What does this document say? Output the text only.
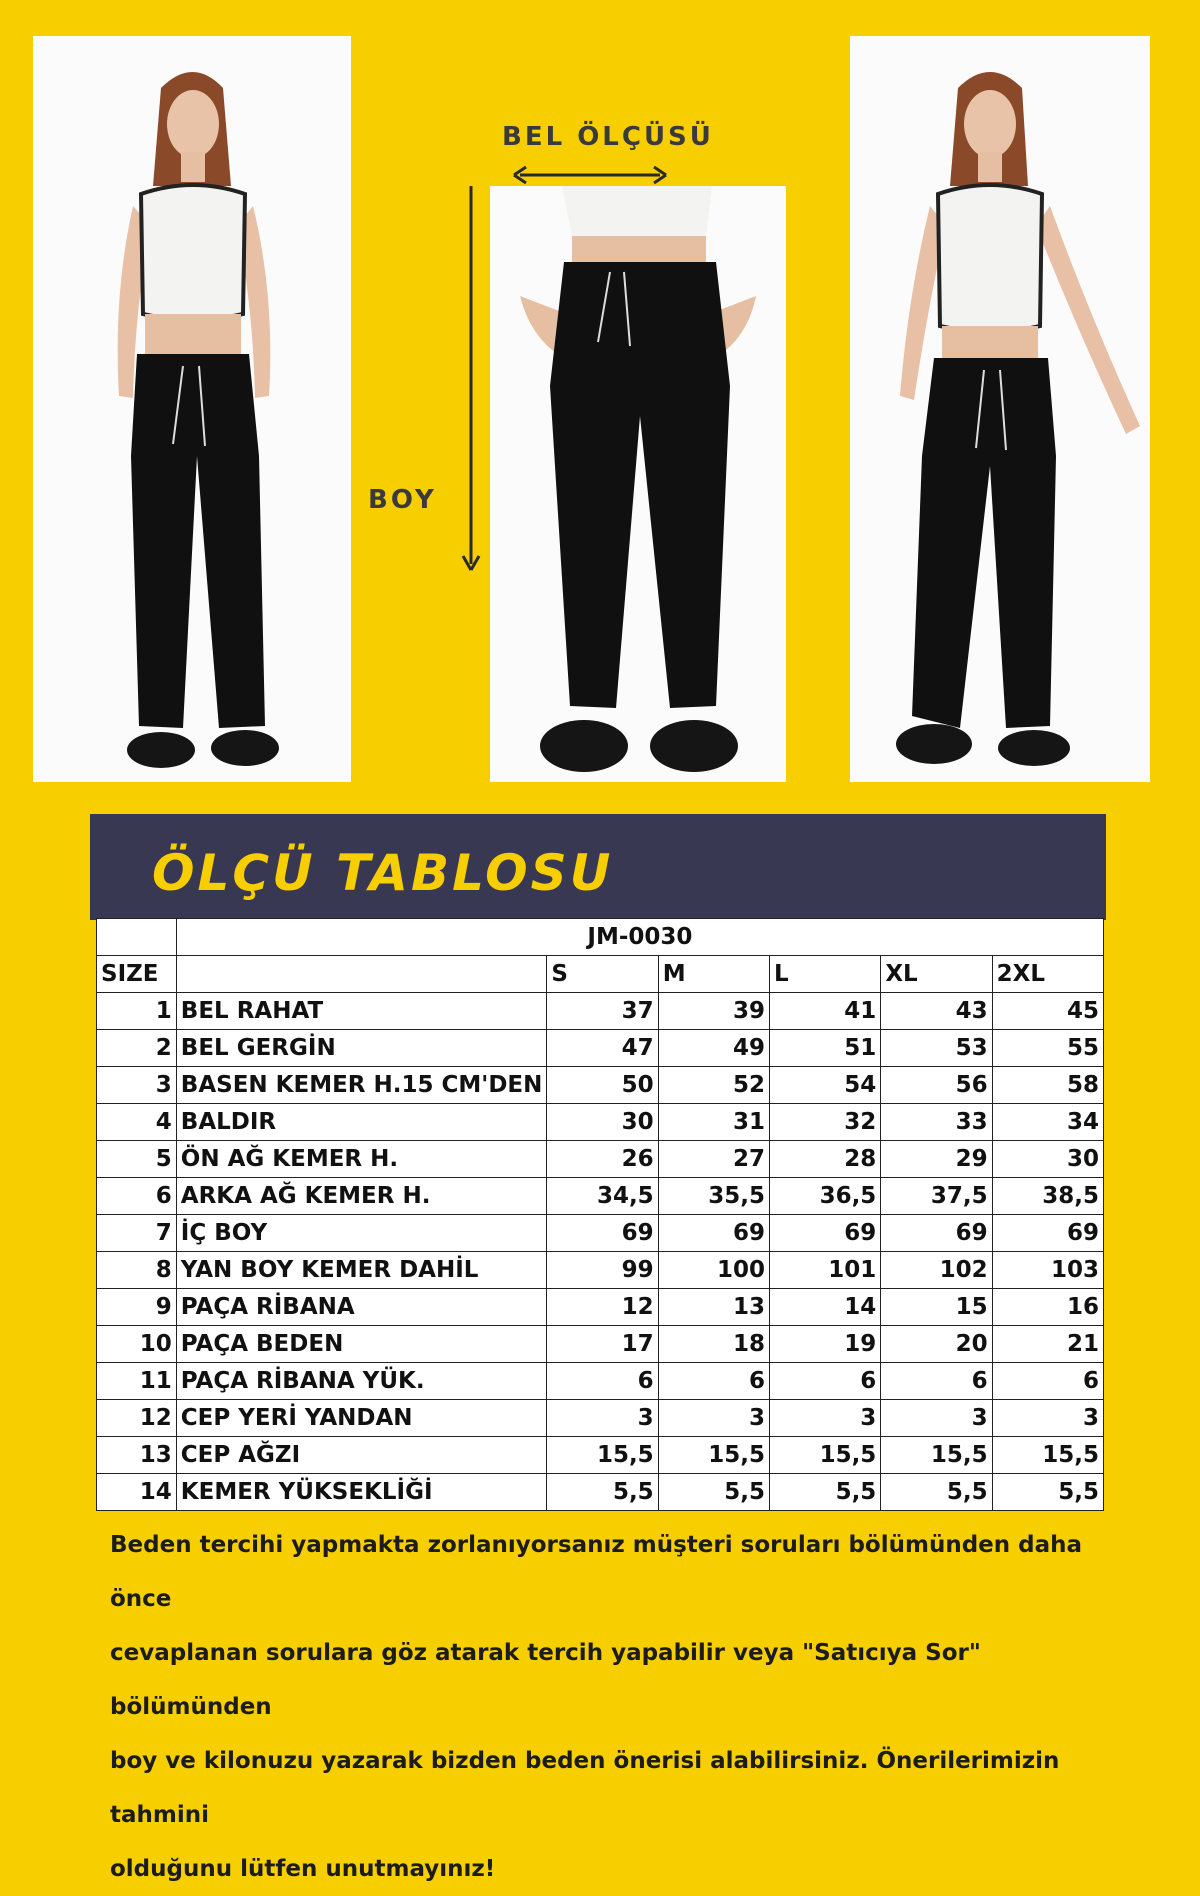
BEL ÖLÇÜSÜ
BOY
ÖLÇÜ TABLOSU
	JM-0030					
SIZE		S	M	L	XL	2XL
1	BEL RAHAT	37	39	41	43	45
2	BEL GERGİN	47	49	51	53	55
3	BASEN KEMER H.15 CM'DEN	50	52	54	56	58
4	BALDIR	30	31	32	33	34
5	ÖN AĞ KEMER H.	26	27	28	29	30
6	ARKA AĞ KEMER H.	34,5	35,5	36,5	37,5	38,5
7	İÇ BOY	69	69	69	69	69
8	YAN BOY KEMER DAHİL	99	100	101	102	103
9	PAÇA RİBANA	12	13	14	15	16
10	PAÇA BEDEN	17	18	19	20	21
11	PAÇA RİBANA YÜK.	6	6	6	6	6
12	CEP YERİ YANDAN	3	3	3	3	3
13	CEP AĞZI	15,5	15,5	15,5	15,5	15,5
14	KEMER YÜKSEKLİĞİ	5,5	5,5	5,5	5,5	5,5
Beden tercihi yapmakta zorlanıyorsanız müşteri soruları bölümünden daha önce
cevaplanan sorulara göz atarak tercih yapabilir veya "Satıcıya Sor" bölümünden
boy ve kilonuzu yazarak bizden beden önerisi alabilirsiniz. Önerilerimizin tahmini
olduğunu lütfen unutmayınız!
